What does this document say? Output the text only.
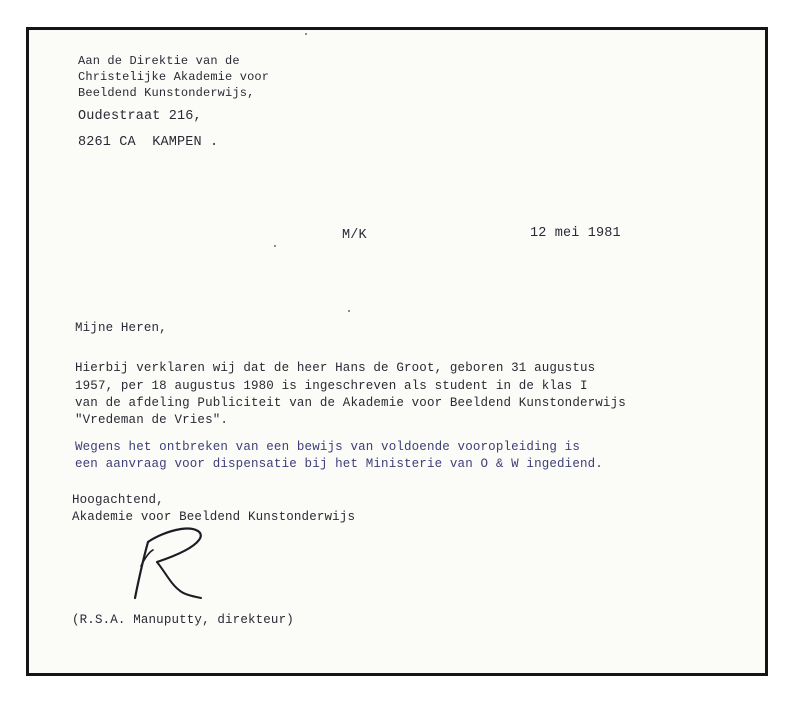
Aan de Direktie van de
Christelijke Akademie voor
Beeldend Kunstonderwijs,
Oudestraat 216,
8261 CA  KAMPEN .
M/K	12 mei 1981
Mijne Heren,
Hierbij verklaren wij dat de heer Hans de Groot, geboren 31 augustus
1957, per 18 augustus 1980 is ingeschreven als student in de klas I
van de afdeling Publiciteit van de Akademie voor Beeldend Kunstonderwijs
"Vredeman de Vries".
Wegens het ontbreken van een bewijs van voldoende vooropleiding is
een aanvraag voor dispensatie bij het Ministerie van O & W ingediend.
Hoogachtend,
Akademie voor Beeldend Kunstonderwijs
(R.S.A. Manuputty, direkteur)
